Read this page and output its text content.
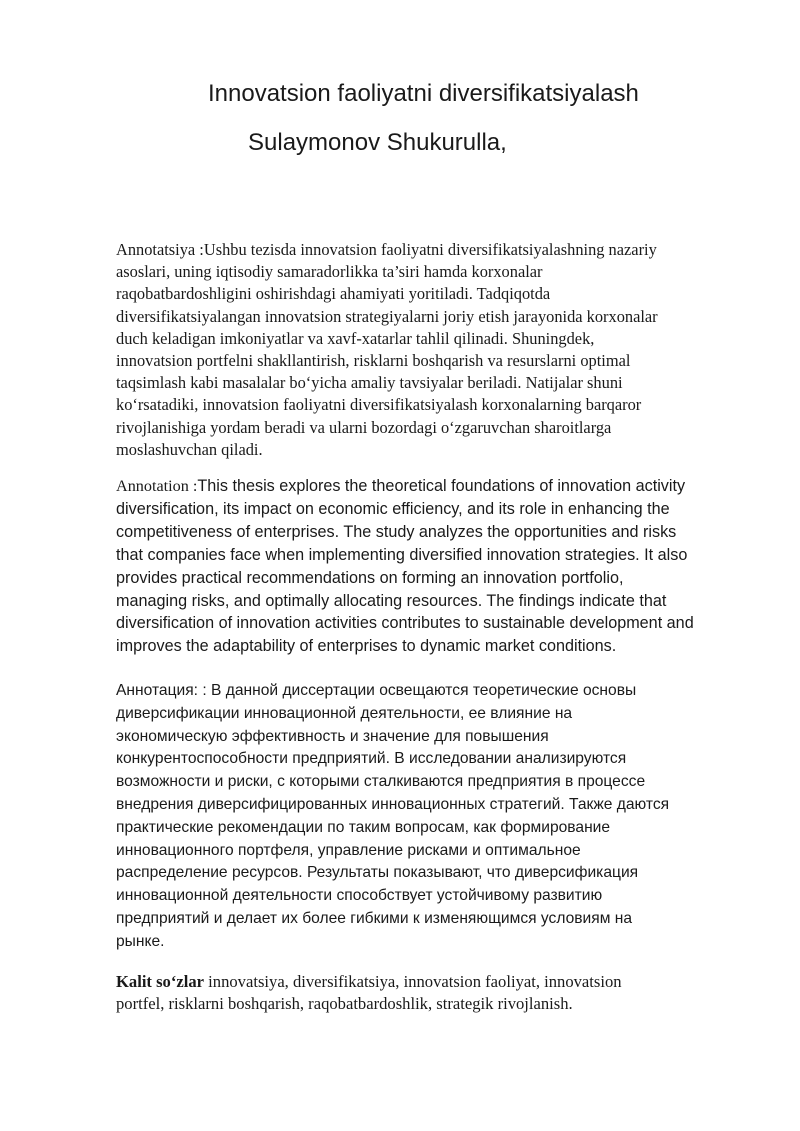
Innovatsion faoliyatni diversifikatsiyalash
Sulaymonov Shukurulla,

Annotatsiya :Ushbu tezisda innovatsion faoliyatni diversifikatsiyalashning nazariy
asoslari, uning iqtisodiy samaradorlikka ta’siri hamda korxonalar
raqobatbardoshligini oshirishdagi ahamiyati yoritiladi. Tadqiqotda
diversifikatsiyalangan innovatsion strategiyalarni joriy etish jarayonida korxonalar
duch keladigan imkoniyatlar va xavf-xatarlar tahlil qilinadi. Shuningdek,
innovatsion portfelni shakllantirish, risklarni boshqarish va resurslarni optimal
taqsimlash kabi masalalar bo‘yicha amaliy tavsiyalar beriladi. Natijalar shuni
ko‘rsatadiki, innovatsion faoliyatni diversifikatsiyalash korxonalarning barqaror
rivojlanishiga yordam beradi va ularni bozordagi o‘zgaruvchan sharoitlarga
moslashuvchan qiladi.

Annotation :This thesis explores the theoretical foundations of innovation activity
diversification, its impact on economic efficiency, and its role in enhancing the
competitiveness of enterprises. The study analyzes the opportunities and risks
that companies face when implementing diversified innovation strategies. It also
provides practical recommendations on forming an innovation portfolio,
managing risks, and optimally allocating resources. The findings indicate that
diversification of innovation activities contributes to sustainable development and
improves the adaptability of enterprises to dynamic market conditions.

Аннотация: : В данной диссертации освещаются теоретические основы
диверсификации инновационной деятельности, ее влияние на
экономическую эффективность и значение для повышения
конкурентоспособности предприятий. В исследовании анализируются
возможности и риски, с которыми сталкиваются предприятия в процессе
внедрения диверсифицированных инновационных стратегий. Также даются
практические рекомендации по таким вопросам, как формирование
инновационного портфеля, управление рисками и оптимальное
распределение ресурсов. Результаты показывают, что диверсификация
инновационной деятельности способствует устойчивому развитию
предприятий и делает их более гибкими к изменяющимся условиям на
рынке.

Kalit so‘zlar innovatsiya, diversifikatsiya, innovatsion faoliyat, innovatsion
portfel, risklarni boshqarish, raqobatbardoshlik, strategik rivojlanish.
